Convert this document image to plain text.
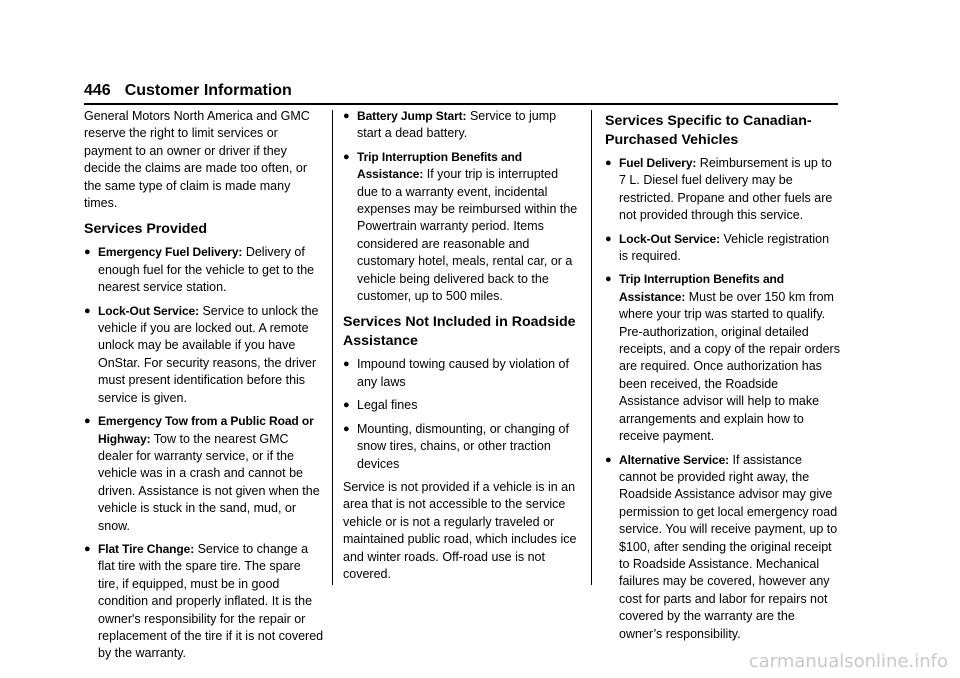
446 Customer Information

General Motors North America and GMC reserve the right to limit services or payment to an owner or driver if they decide the claims are made too often, or the same type of claim is made many times.

Services Provided
● Emergency Fuel Delivery: Delivery of enough fuel for the vehicle to get to the nearest service station.
● Lock-Out Service: Service to unlock the vehicle if you are locked out. A remote unlock may be available if you have OnStar. For security reasons, the driver must present identification before this service is given.
● Emergency Tow from a Public Road or Highway: Tow to the nearest GMC dealer for warranty service, or if the vehicle was in a crash and cannot be driven. Assistance is not given when the vehicle is stuck in the sand, mud, or snow.
● Flat Tire Change: Service to change a flat tire with the spare tire. The spare tire, if equipped, must be in good condition and properly inflated. It is the owner's responsibility for the repair or replacement of the tire if it is not covered by the warranty.
● Battery Jump Start: Service to jump start a dead battery.
● Trip Interruption Benefits and Assistance: If your trip is interrupted due to a warranty event, incidental expenses may be reimbursed within the Powertrain warranty period. Items considered are reasonable and customary hotel, meals, rental car, or a vehicle being delivered back to the customer, up to 500 miles.
Services Not Included in Roadside Assistance
● Impound towing caused by violation of any laws
● Legal fines
● Mounting, dismounting, or changing of snow tires, chains, or other traction devices

Service is not provided if a vehicle is in an area that is not accessible to the service vehicle or is not a regularly traveled or maintained public road, which includes ice and winter roads. Off-road use is not covered.

Services Specific to Canadian-Purchased Vehicles
● Fuel Delivery: Reimbursement is up to 7 L. Diesel fuel delivery may be restricted. Propane and other fuels are not provided through this service.
● Lock-Out Service: Vehicle registration is required.
● Trip Interruption Benefits and Assistance: Must be over 150 km from where your trip was started to qualify. Pre-authorization, original detailed receipts, and a copy of the repair orders are required. Once authorization has been received, the Roadside Assistance advisor will help to make arrangements and explain how to receive payment.
● Alternative Service: If assistance cannot be provided right away, the Roadside Assistance advisor may give permission to get local emergency road service. You will receive payment, up to $100, after sending the original receipt to Roadside Assistance. Mechanical failures may be covered, however any cost for parts and labor for repairs not covered by the warranty are the owner’s responsibility.
carmanualsonline.info
